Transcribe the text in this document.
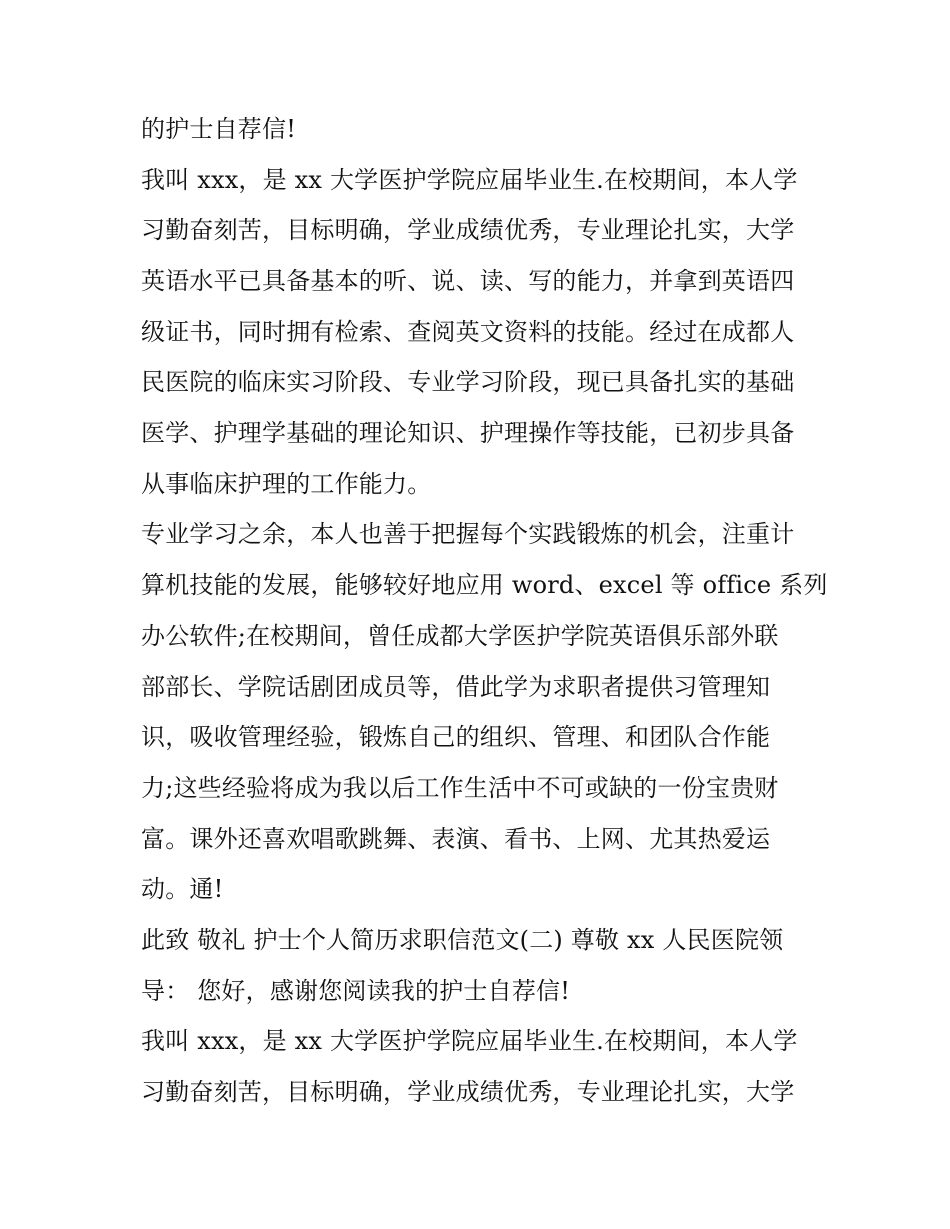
的护士自荐信!
我叫 xxx，是 xx 大学医护学院应届毕业生.在校期间，本人学
习勤奋刻苦，目标明确，学业成绩优秀，专业理论扎实，大学
英语水平已具备基本的听、说、读、写的能力，并拿到英语四
级证书，同时拥有检索、查阅英文资料的技能。经过在成都人
民医院的临床实习阶段、专业学习阶段，现已具备扎实的基础
医学、护理学基础的理论知识、护理操作等技能，已初步具备
从事临床护理的工作能力。
专业学习之余，本人也善于把握每个实践锻炼的机会，注重计
算机技能的发展，能够较好地应用 word、excel 等 office 系列
办公软件;在校期间，曾任成都大学医护学院英语俱乐部外联
部部长、学院话剧团成员等，借此学为求职者提供习管理知
识，吸收管理经验，锻炼自己的组织、管理、和团队合作能
力;这些经验将成为我以后工作生活中不可或缺的一份宝贵财
富。课外还喜欢唱歌跳舞、表演、看书、上网、尤其热爱运
动。通!
此致 敬礼 护士个人简历求职信范文(二) 尊敬 xx 人民医院领
导： 您好，感谢您阅读我的护士自荐信!
我叫 xxx，是 xx 大学医护学院应届毕业生.在校期间，本人学
习勤奋刻苦，目标明确，学业成绩优秀，专业理论扎实，大学
